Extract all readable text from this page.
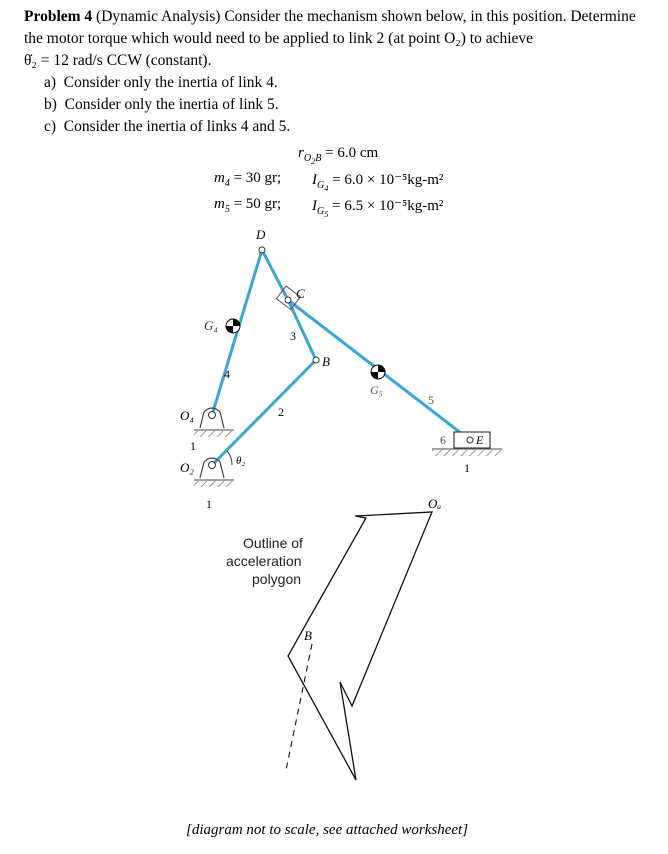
Problem 4 (Dynamic Analysis) Consider the mechanism shown below, in this position. Determine the motor torque which would need to be applied to link 2 (at point O₂) to achieve
θ̇₂ = 12 rad/s CCW (constant).
a) Consider only the inertia of link 4.
b) Consider only the inertia of link 5.
c) Consider the inertia of links 4 and 5.
$r_{O_2B} = 6.0$ cm
$m_4 = 30$ gr; $I_{G_4} = 6.0 \times 10^{-5}kg-m^2$
$m_5 = 50$ gr; $I_{G_5} = 6.5 \times 10^{-5}kg-m^2$
D
C
B
G₄
G₅
O₄
O₂
E
Oₐ
B
θ₂
1
1
1
2
3
4
5
6
Outline of
acceleration
polygon
[diagram not to scale, see attached worksheet]
